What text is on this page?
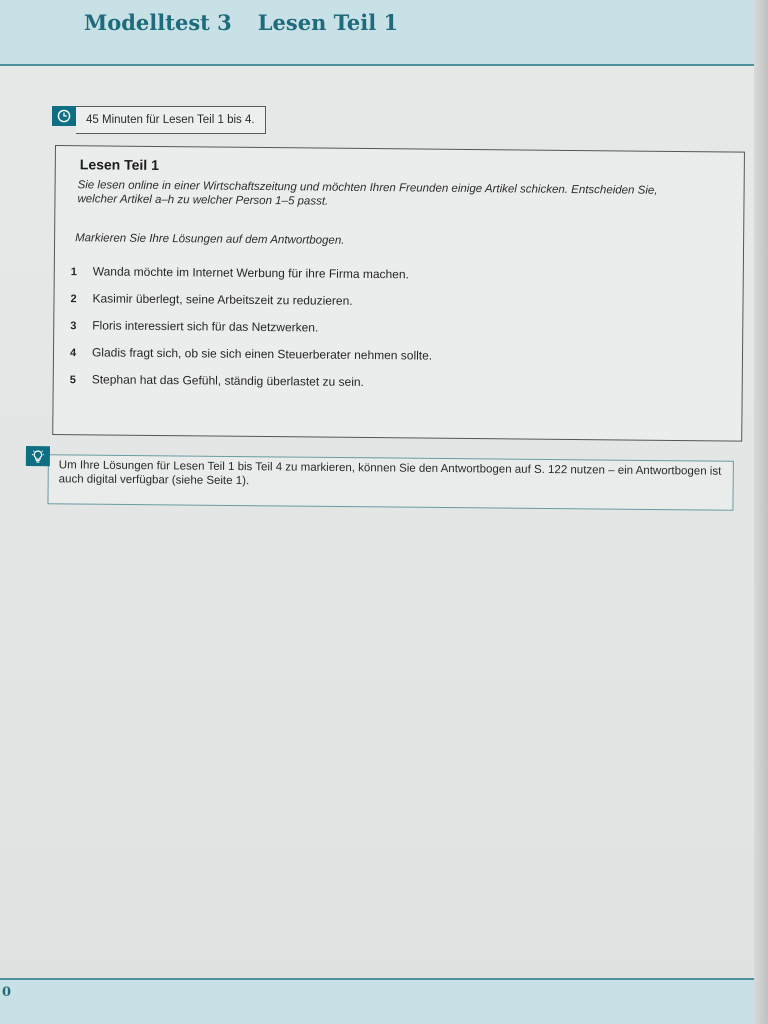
Modelltest 3 Lesen Teil 1
45 Minuten für Lesen Teil 1 bis 4.
Lesen Teil 1
Sie lesen online in einer Wirtschaftszeitung und möchten Ihren Freunden einige Artikel schicken. Entscheiden Sie, welcher Artikel a–h zu welcher Person 1–5 passt.
Markieren Sie Ihre Lösungen auf dem Antwortbogen.
1	Wanda möchte im Internet Werbung für ihre Firma machen.
2	Kasimir überlegt, seine Arbeitszeit zu reduzieren.
3	Floris interessiert sich für das Netzwerken.
4	Gladis fragt sich, ob sie sich einen Steuerberater nehmen sollte.
5	Stephan hat das Gefühl, ständig überlastet zu sein.
Um Ihre Lösungen für Lesen Teil 1 bis Teil 4 zu markieren, können Sie den Antwortbogen auf S. 122 nutzen – ein Antwortbogen ist auch digital verfügbar (siehe Seite 1).
0
